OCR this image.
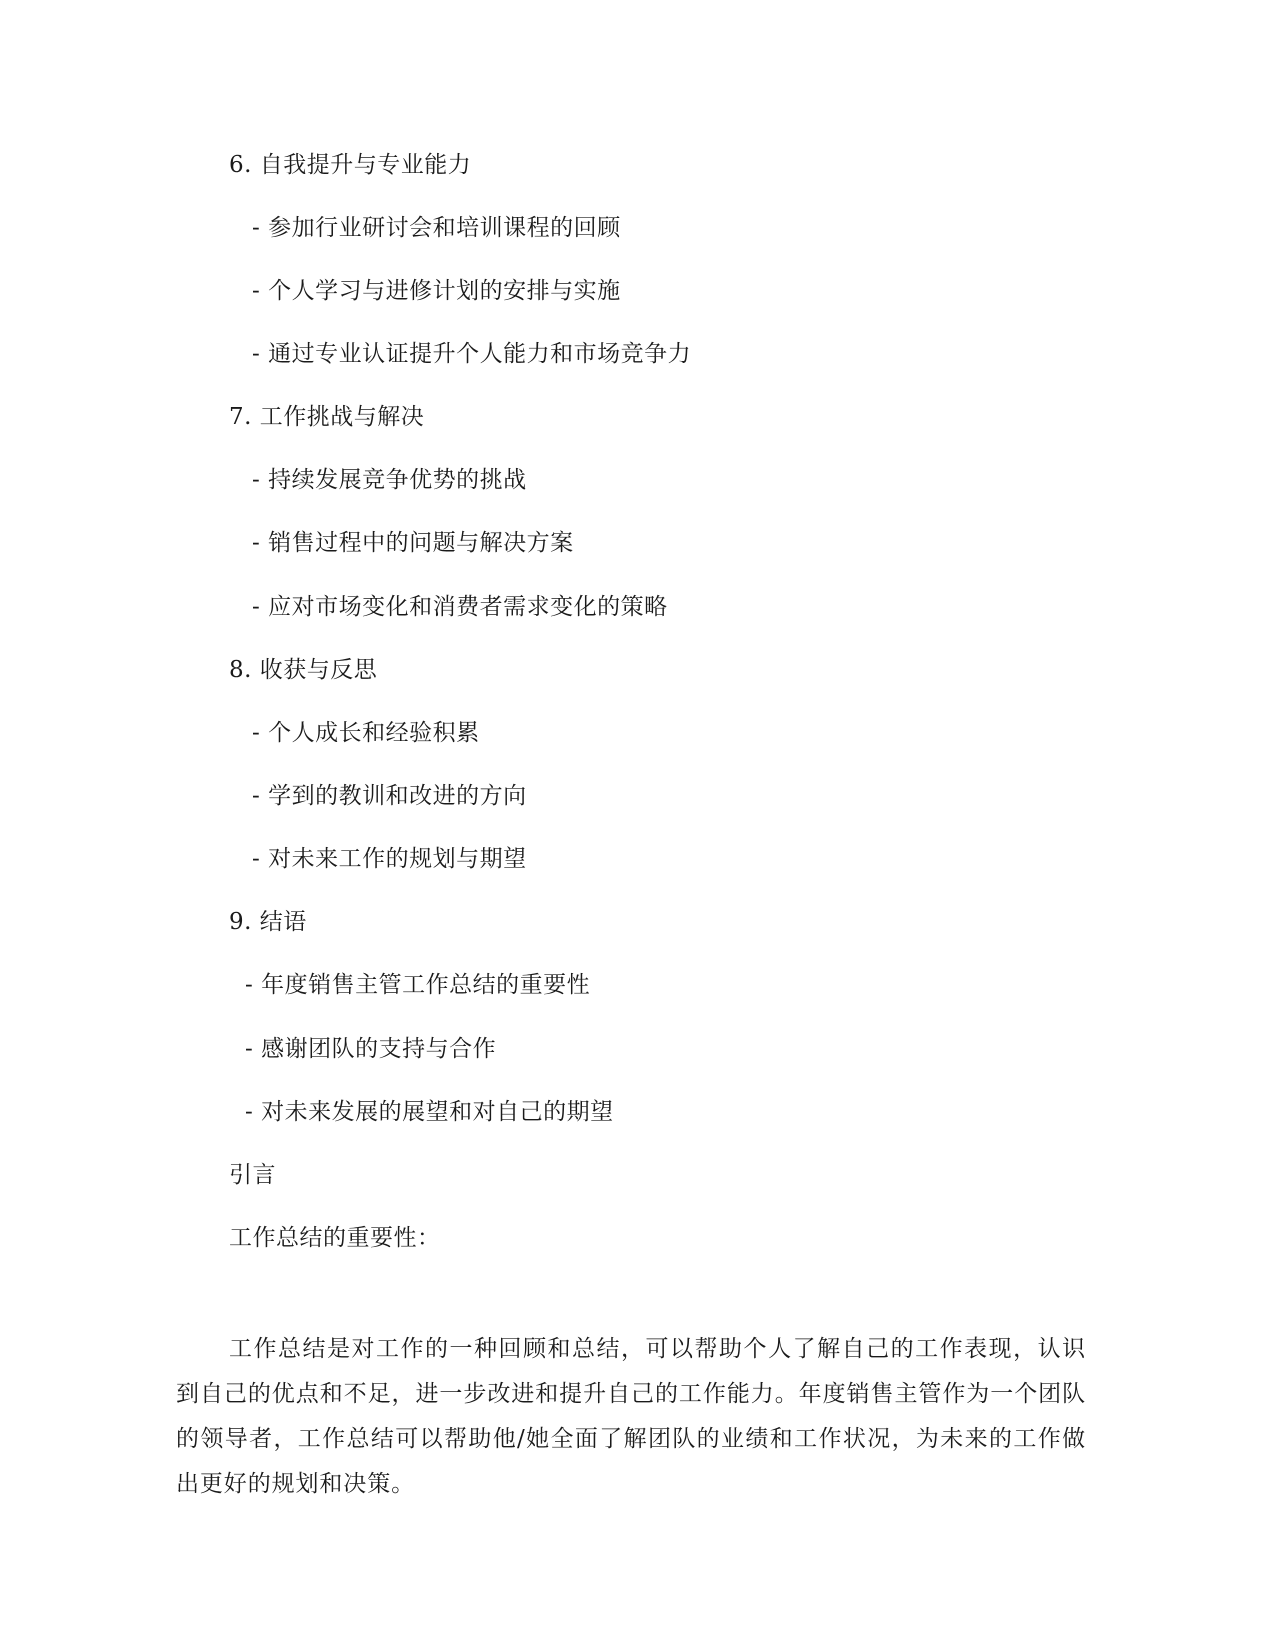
6. 自我提升与专业能力
- 参加行业研讨会和培训课程的回顾
- 个人学习与进修计划的安排与实施
- 通过专业认证提升个人能力和市场竞争力
7. 工作挑战与解决
- 持续发展竞争优势的挑战
- 销售过程中的问题与解决方案
- 应对市场变化和消费者需求变化的策略
8. 收获与反思
- 个人成长和经验积累
- 学到的教训和改进的方向
- 对未来工作的规划与期望
9. 结语
- 年度销售主管工作总结的重要性
- 感谢团队的支持与合作
- 对未来发展的展望和对自己的期望
引言
工作总结的重要性：
工作总结是对工作的一种回顾和总结，可以帮助个人了解自己的工作表现，认识到自己的优点和不足，进一步改进和提升自己的工作能力。年度销售主管作为一个团队的领导者，工作总结可以帮助他/她全面了解团队的业绩和工作状况，为未来的工作做出更好的规划和决策。
